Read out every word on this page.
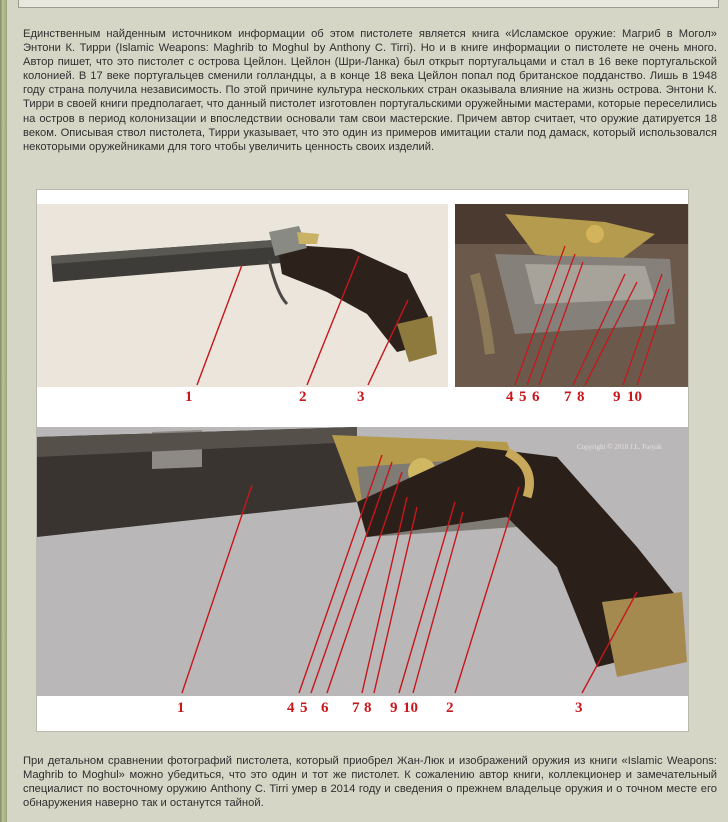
Единственным найденным источником информации об этом пистолете является книга «Исламское оружие: Магриб в Могол» Энтони К. Тирри (Islamic Weapons: Maghrib to Moghul by Anthony C. Tirri). Но и в книге информации о пистолете не очень много. Автор пишет, что это пистолет с острова Цейлон. Цейлон (Шри-Ланка) был открыт португальцами и стал в 16 веке португальской колонией. В 17 веке португальцев сменили голландцы, а в конце 18 века Цейлон попал под британское подданство. Лишь в 1948 году страна получила независимость. По этой причине культура нескольких стран оказывала влияние на жизнь острова. Энтони К. Тирри в своей книги предполагает, что данный пистолет изготовлен португальскими оружейными мастерами, которые переселились на остров в период колонизации и впоследствии основали там свои мастерские. Причем автор считает, что оружие датируется 18 веком. Описывая ствол пистолета, Тирри указывает, что это один из примеров имитации стали под дамаск, который использовался некоторыми оружейниками для того чтобы увеличить ценность своих изделий.

1	2	3	4 5 6 7 8 9 10
Copyright © 2010 J.L. Faryak
1	4 5 6 7 8 9 10 2	3

При детальном сравнении фотографий пистолета, который приобрел Жан-Люк и изображений оружия из книги «Islamic Weapons: Maghrib to Moghul» можно убедиться, что это один и тот же пистолет. К сожалению автор книги, коллекционер и замечательный специалист по восточному оружию Anthony C. Tirri умер в 2014 году и сведения о прежнем владельце оружия и о точном месте его обнаружения наверно так и останутся тайной.
